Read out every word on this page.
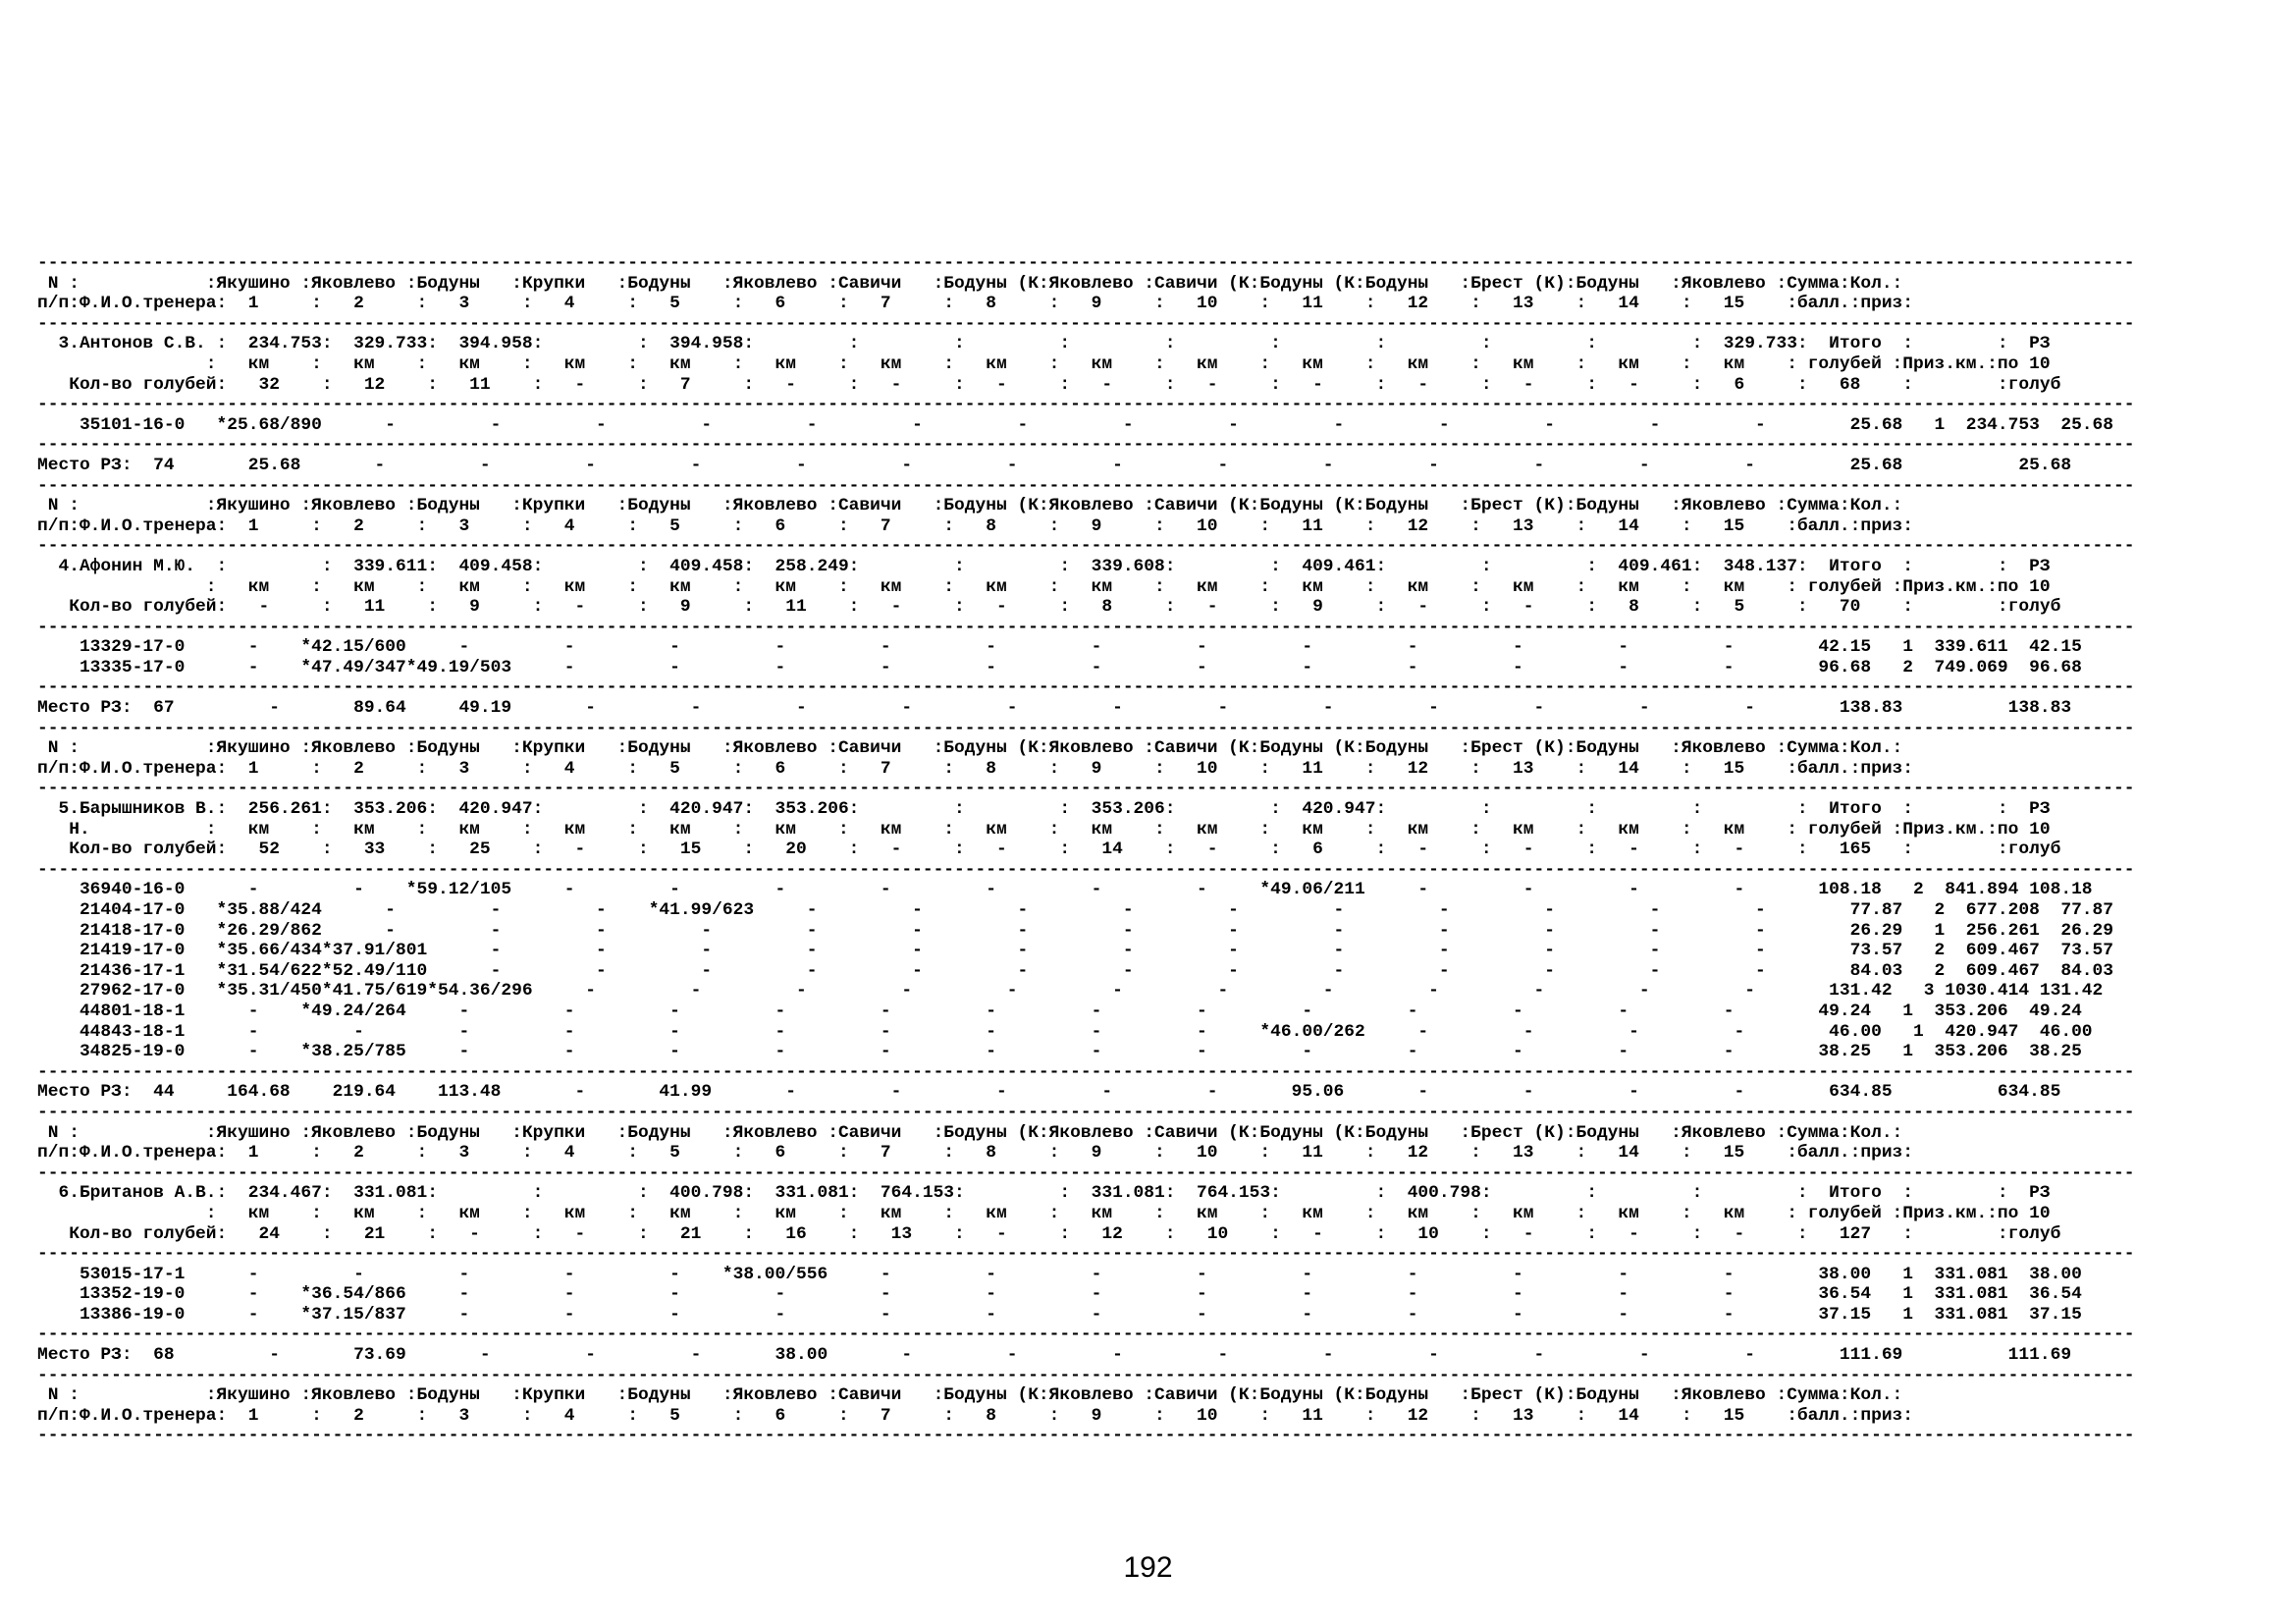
-------------------------------------------------------------------------------------------------------------------------------------------------------------------------------------------------------
N :            :Якушино :Яковлево :Бодуны   :Крупки   :Бодуны   :Яковлево :Савичи   :Бодуны (К:Яковлево :Савичи (К:Бодуны (К:Бодуны   :Брест (К):Бодуны   :Яковлево :Сумма:Кол.:
п/п:Ф.И.О.тренера:  1     :   2     :   3     :   4     :   5     :   6     :   7     :   8     :   9     :   10    :   11    :   12    :   13    :   14    :   15    :балл.:приз:
-------------------------------------------------------------------------------------------------------------------------------------------------------------------------------------------------------
3.Антонов С.В. :  234.753:  329.733:  394.958:         :  394.958:         :         :         :         :         :         :         :         :         :  329.733:  Итого  :        :  РЗ
:   км    :   км    :   км    :   км    :   км    :   км    :   км    :   км    :   км    :   км    :   км    :   км    :   км    :   км    :   км    : голубей :Приз.км.:по 10
Кол-во голубей:   32    :   12    :   11    :   -     :   7     :   -     :   -     :   -     :   -     :   -     :   -     :   -     :   -     :   -     :   6     :   68    :        :голуб
-------------------------------------------------------------------------------------------------------------------------------------------------------------------------------------------------------
35101-16-0   *25.68/890      -         -         -         -         -         -         -         -         -         -         -         -         -         -        25.68   1  234.753  25.68
-------------------------------------------------------------------------------------------------------------------------------------------------------------------------------------------------------
Место РЗ:  74       25.68       -         -         -         -         -         -         -         -         -         -         -         -         -         -         25.68           25.68
-------------------------------------------------------------------------------------------------------------------------------------------------------------------------------------------------------
N :            :Якушино :Яковлево :Бодуны   :Крупки   :Бодуны   :Яковлево :Савичи   :Бодуны (К:Яковлево :Савичи (К:Бодуны (К:Бодуны   :Брест (К):Бодуны   :Яковлево :Сумма:Кол.:
п/п:Ф.И.О.тренера:  1     :   2     :   3     :   4     :   5     :   6     :   7     :   8     :   9     :   10    :   11    :   12    :   13    :   14    :   15    :балл.:приз:
-------------------------------------------------------------------------------------------------------------------------------------------------------------------------------------------------------
4.Афонин М.Ю.  :         :  339.611:  409.458:         :  409.458:  258.249:         :         :  339.608:         :  409.461:         :         :  409.461:  348.137:  Итого  :        :  РЗ
:   км    :   км    :   км    :   км    :   км    :   км    :   км    :   км    :   км    :   км    :   км    :   км    :   км    :   км    :   км    : голубей :Приз.км.:по 10
Кол-во голубей:   -     :   11    :   9     :   -     :   9     :   11    :   -     :   -     :   8     :   -     :   9     :   -     :   -     :   8     :   5     :   70    :        :голуб
-------------------------------------------------------------------------------------------------------------------------------------------------------------------------------------------------------
13329-17-0      -    *42.15/600     -         -         -         -         -         -         -         -         -         -         -         -         -        42.15   1  339.611  42.15
13335-17-0      -    *47.49/347*49.19/503     -         -         -         -         -         -         -         -         -         -         -         -        96.68   2  749.069  96.68
-------------------------------------------------------------------------------------------------------------------------------------------------------------------------------------------------------
Место РЗ:  67         -       89.64     49.19       -         -         -         -         -         -         -         -         -         -         -         -        138.83          138.83
-------------------------------------------------------------------------------------------------------------------------------------------------------------------------------------------------------
N :            :Якушино :Яковлево :Бодуны   :Крупки   :Бодуны   :Яковлево :Савичи   :Бодуны (К:Яковлево :Савичи (К:Бодуны (К:Бодуны   :Брест (К):Бодуны   :Яковлево :Сумма:Кол.:
п/п:Ф.И.О.тренера:  1     :   2     :   3     :   4     :   5     :   6     :   7     :   8     :   9     :   10    :   11    :   12    :   13    :   14    :   15    :балл.:приз:
-------------------------------------------------------------------------------------------------------------------------------------------------------------------------------------------------------
5.Барышников В.:  256.261:  353.206:  420.947:         :  420.947:  353.206:         :         :  353.206:         :  420.947:         :         :         :         :  Итого  :        :  РЗ
Н.           :   км    :   км    :   км    :   км    :   км    :   км    :   км    :   км    :   км    :   км    :   км    :   км    :   км    :   км    :   км    : голубей :Приз.км.:по 10
Кол-во голубей:   52    :   33    :   25    :   -     :   15    :   20    :   -     :   -     :   14    :   -     :   6     :   -     :   -     :   -     :   -     :   165   :        :голуб
-------------------------------------------------------------------------------------------------------------------------------------------------------------------------------------------------------
36940-16-0      -         -    *59.12/105     -         -         -         -         -         -         -     *49.06/211     -         -         -         -       108.18   2  841.894 108.18
21404-17-0   *35.88/424      -         -         -    *41.99/623     -         -         -         -         -         -         -         -         -         -        77.87   2  677.208  77.87
21418-17-0   *26.29/862      -         -         -         -         -         -         -         -         -         -         -         -         -         -        26.29   1  256.261  26.29
21419-17-0   *35.66/434*37.91/801      -         -         -         -         -         -         -         -         -         -         -         -         -        73.57   2  609.467  73.57
21436-17-1   *31.54/622*52.49/110      -         -         -         -         -         -         -         -         -         -         -         -         -        84.03   2  609.467  84.03
27962-17-0   *35.31/450*41.75/619*54.36/296     -         -         -         -         -         -         -         -         -         -         -         -       131.42   3 1030.414 131.42
44801-18-1      -    *49.24/264     -         -         -         -         -         -         -         -         -         -         -         -         -        49.24   1  353.206  49.24
44843-18-1      -         -         -         -         -         -         -         -         -         -     *46.00/262     -         -         -         -        46.00   1  420.947  46.00
34825-19-0      -    *38.25/785     -         -         -         -         -         -         -         -         -         -         -         -         -        38.25   1  353.206  38.25
-------------------------------------------------------------------------------------------------------------------------------------------------------------------------------------------------------
Место РЗ:  44     164.68    219.64    113.48       -       41.99       -         -         -         -         -       95.06       -         -         -         -        634.85          634.85
-------------------------------------------------------------------------------------------------------------------------------------------------------------------------------------------------------
N :            :Якушино :Яковлево :Бодуны   :Крупки   :Бодуны   :Яковлево :Савичи   :Бодуны (К:Яковлево :Савичи (К:Бодуны (К:Бодуны   :Брест (К):Бодуны   :Яковлево :Сумма:Кол.:
п/п:Ф.И.О.тренера:  1     :   2     :   3     :   4     :   5     :   6     :   7     :   8     :   9     :   10    :   11    :   12    :   13    :   14    :   15    :балл.:приз:
-------------------------------------------------------------------------------------------------------------------------------------------------------------------------------------------------------
6.Британов А.В.:  234.467:  331.081:         :         :  400.798:  331.081:  764.153:         :  331.081:  764.153:         :  400.798:         :         :         :  Итого  :        :  РЗ
:   км    :   км    :   км    :   км    :   км    :   км    :   км    :   км    :   км    :   км    :   км    :   км    :   км    :   км    :   км    : голубей :Приз.км.:по 10
Кол-во голубей:   24    :   21    :   -     :   -     :   21    :   16    :   13    :   -     :   12    :   10    :   -     :   10    :   -     :   -     :   -     :   127   :        :голуб
-------------------------------------------------------------------------------------------------------------------------------------------------------------------------------------------------------
53015-17-1      -         -         -         -         -    *38.00/556     -         -         -         -         -         -         -         -         -        38.00   1  331.081  38.00
13352-19-0      -    *36.54/866     -         -         -         -         -         -         -         -         -         -         -         -         -        36.54   1  331.081  36.54
13386-19-0      -    *37.15/837     -         -         -         -         -         -         -         -         -         -         -         -         -        37.15   1  331.081  37.15
-------------------------------------------------------------------------------------------------------------------------------------------------------------------------------------------------------
Место РЗ:  68         -       73.69       -         -         -       38.00       -         -         -         -         -         -         -         -         -        111.69          111.69
-------------------------------------------------------------------------------------------------------------------------------------------------------------------------------------------------------
N :            :Якушино :Яковлево :Бодуны   :Крупки   :Бодуны   :Яковлево :Савичи   :Бодуны (К:Яковлево :Савичи (К:Бодуны (К:Бодуны   :Брест (К):Бодуны   :Яковлево :Сумма:Кол.:
п/п:Ф.И.О.тренера:  1     :   2     :   3     :   4     :   5     :   6     :   7     :   8     :   9     :   10    :   11    :   12    :   13    :   14    :   15    :балл.:приз:
-------------------------------------------------------------------------------------------------------------------------------------------------------------------------------------------------------

192
